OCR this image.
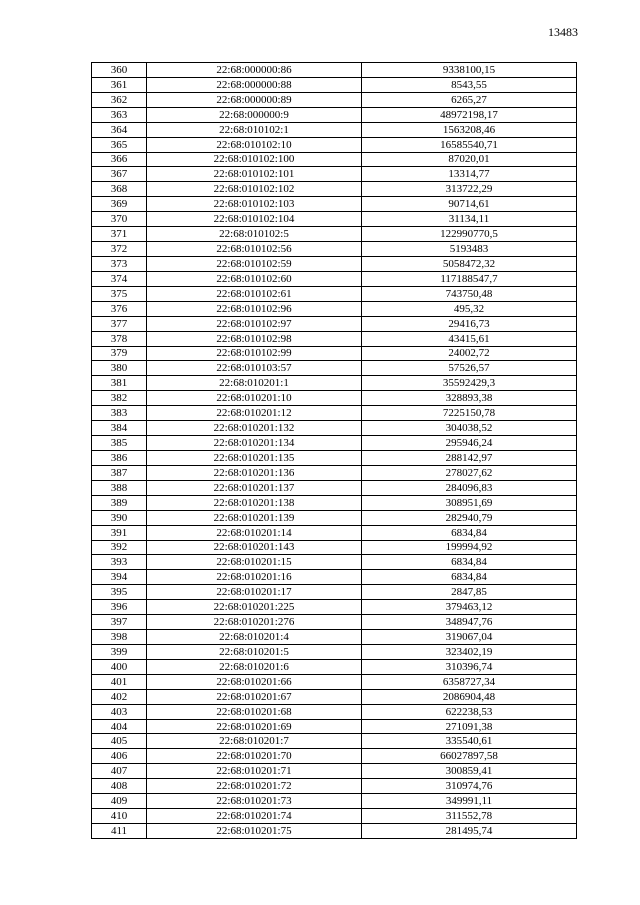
13483
360	22:68:000000:86	9338100,15
361	22:68:000000:88	8543,55
362	22:68:000000:89	6265,27
363	22:68:000000:9	48972198,17
364	22:68:010102:1	1563208,46
365	22:68:010102:10	16585540,71
366	22:68:010102:100	87020,01
367	22:68:010102:101	13314,77
368	22:68:010102:102	313722,29
369	22:68:010102:103	90714,61
370	22:68:010102:104	31134,11
371	22:68:010102:5	122990770,5
372	22:68:010102:56	5193483
373	22:68:010102:59	5058472,32
374	22:68:010102:60	117188547,7
375	22:68:010102:61	743750,48
376	22:68:010102:96	495,32
377	22:68:010102:97	29416,73
378	22:68:010102:98	43415,61
379	22:68:010102:99	24002,72
380	22:68:010103:57	57526,57
381	22:68:010201:1	35592429,3
382	22:68:010201:10	328893,38
383	22:68:010201:12	7225150,78
384	22:68:010201:132	304038,52
385	22:68:010201:134	295946,24
386	22:68:010201:135	288142,97
387	22:68:010201:136	278027,62
388	22:68:010201:137	284096,83
389	22:68:010201:138	308951,69
390	22:68:010201:139	282940,79
391	22:68:010201:14	6834,84
392	22:68:010201:143	199994,92
393	22:68:010201:15	6834,84
394	22:68:010201:16	6834,84
395	22:68:010201:17	2847,85
396	22:68:010201:225	379463,12
397	22:68:010201:276	348947,76
398	22:68:010201:4	319067,04
399	22:68:010201:5	323402,19
400	22:68:010201:6	310396,74
401	22:68:010201:66	6358727,34
402	22:68:010201:67	2086904,48
403	22:68:010201:68	622238,53
404	22:68:010201:69	271091,38
405	22:68:010201:7	335540,61
406	22:68:010201:70	66027897,58
407	22:68:010201:71	300859,41
408	22:68:010201:72	310974,76
409	22:68:010201:73	349991,11
410	22:68:010201:74	311552,78
411	22:68:010201:75	281495,74
